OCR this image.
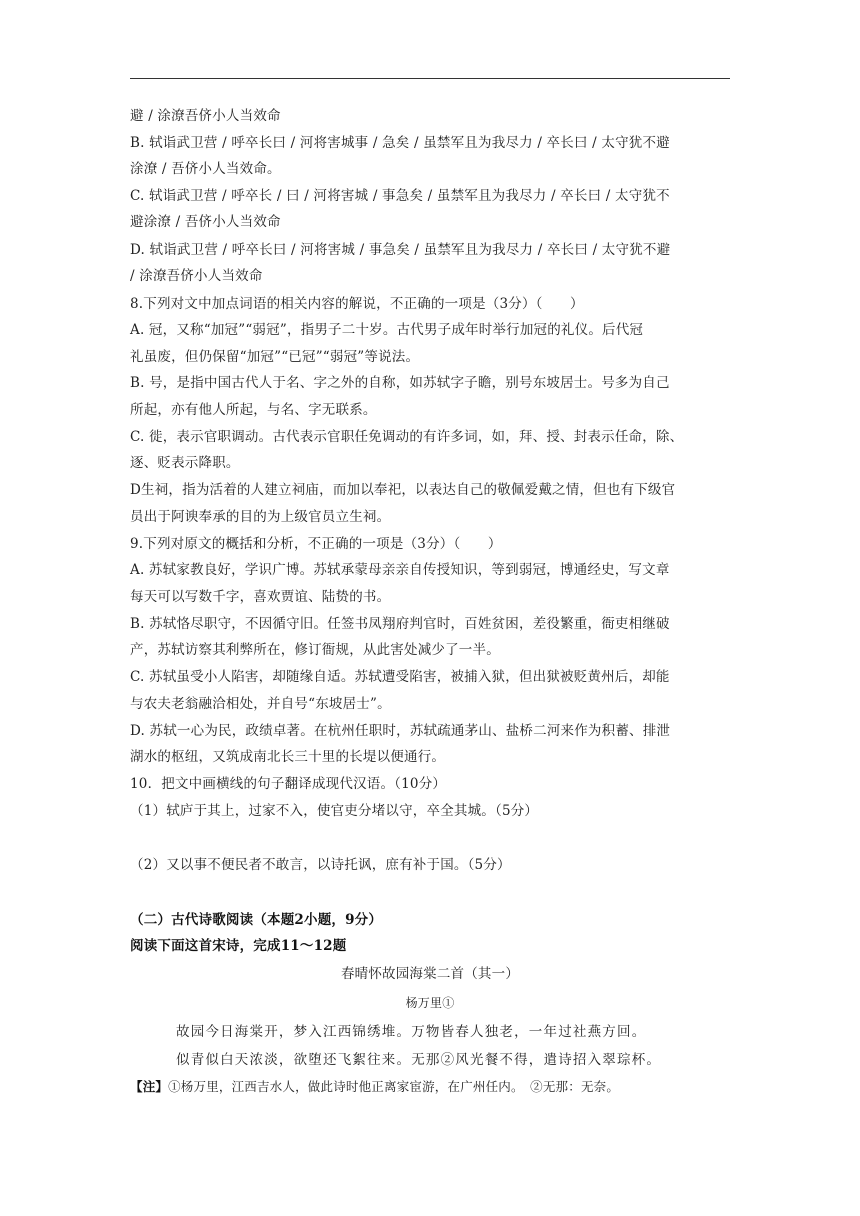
避 / 涂潦吾侪小人当效命
B. 轼诣武卫营 / 呼卒长曰 / 河将害城事 / 急矣 / 虽禁军且为我尽力 / 卒长曰 / 太守犹不避
涂潦 / 吾侪小人当效命。
C. 轼诣武卫营 / 呼卒长 / 曰 / 河将害城 / 事急矣 / 虽禁军且为我尽力 / 卒长曰 / 太守犹不
避涂潦 / 吾侪小人当效命
D. 轼诣武卫营 / 呼卒长曰 / 河将害城 / 事急矣 / 虽禁军且为我尽力 / 卒长曰 / 太守犹不避
/ 涂潦吾侪小人当效命
8.下列对文中加点词语的相关内容的解说，不正确的一项是（3分）（　　）
A. 冠，又称“加冠”“弱冠”，指男子二十岁。古代男子成年时举行加冠的礼仪。后代冠
礼虽废，但仍保留“加冠”“已冠”“弱冠”等说法。
B. 号，是指中国古代人于名、字之外的自称，如苏轼字子瞻，别号东坡居士。号多为自己
所起，亦有他人所起，与名、字无联系。
C. 徙，表示官职调动。古代表示官职任免调动的有许多词，如，拜、授、封表示任命，除、
逐、贬表示降职。
D生祠，指为活着的人建立祠庙，而加以奉祀，以表达自己的敬佩爱戴之情，但也有下级官
员出于阿谀奉承的目的为上级官员立生祠。
9.下列对原文的概括和分析，不正确的一项是（3分）（　　）
A. 苏轼家教良好，学识广博。苏轼承蒙母亲亲自传授知识，等到弱冠，博通经史，写文章
每天可以写数千字，喜欢贾谊、陆贽的书。
B. 苏轼恪尽职守，不因循守旧。任签书凤翔府判官时，百姓贫困，差役繁重，衙吏相继破
产，苏轼访察其利弊所在，修订衙规，从此害处减少了一半。
C. 苏轼虽受小人陷害，却随缘自适。苏轼遭受陷害，被捕入狱，但出狱被贬黄州后，却能
与农夫老翁融洽相处，并自号“东坡居士”。
D. 苏轼一心为民，政绩卓著。在杭州任职时，苏轼疏通茅山、盐桥二河来作为积蓄、排泄
湖水的枢纽，又筑成南北长三十里的长堤以便通行。
10．把文中画横线的句子翻译成现代汉语。（10分）
（1）轼庐于其上，过家不入，使官吏分堵以守，卒全其城。（5分）
（2）又以事不便民者不敢言，以诗托讽，庶有补于国。（5分）
（二）古代诗歌阅读（本题2小题，9分）
阅读下面这首宋诗，完成11～12题
春晴怀故园海棠二首（其一）
杨万里①
故园今日海棠开，梦入江西锦绣堆。万物皆春人独老，一年过社燕方回。
似青似白天浓淡，欲堕还飞絮往来。无那②风光餐不得，遣诗招入翠琮杯。
【注】①杨万里，江西吉水人，做此诗时他正离家宦游，在广州任内。　②无那：无奈。
